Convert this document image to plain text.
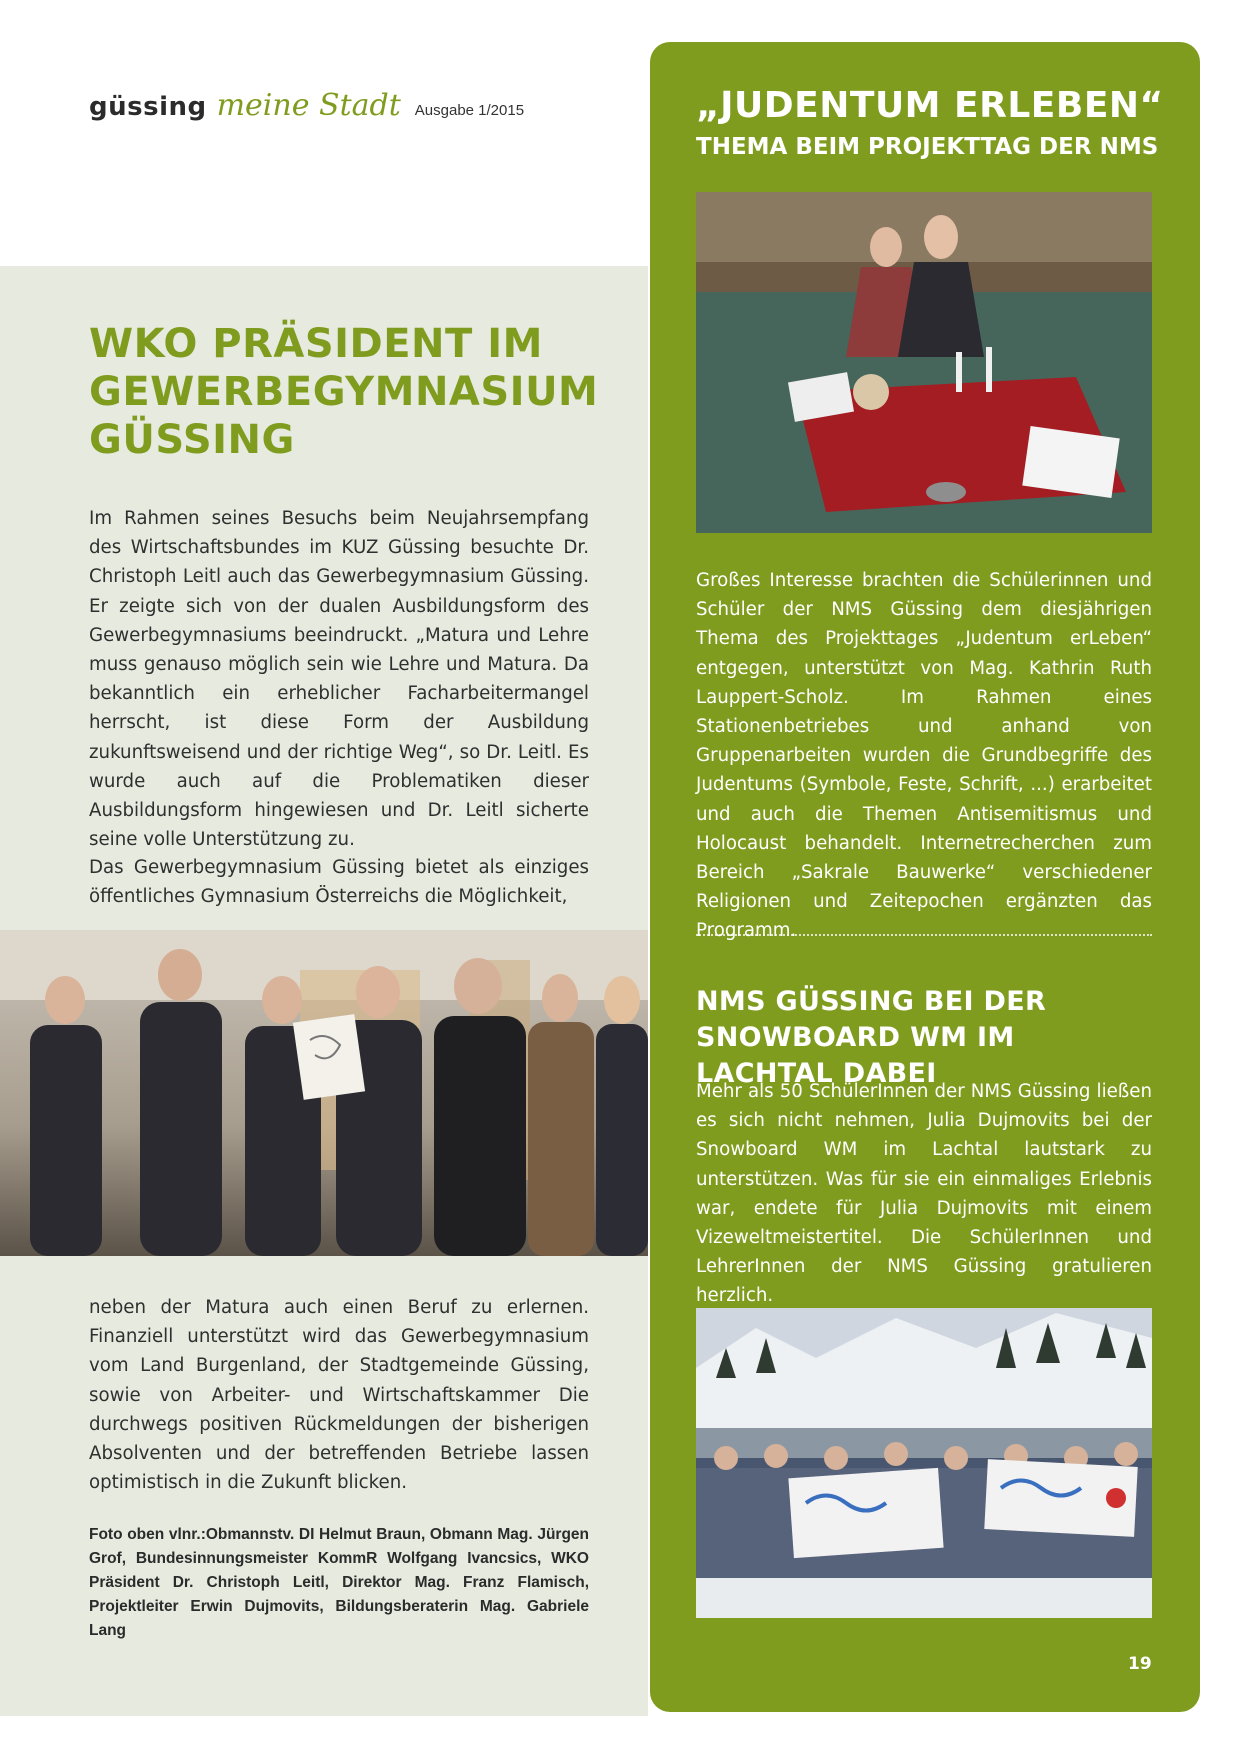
güssing meine Stadt Ausgabe 1/2015
WKO PRÄSIDENT IM GEWERBEGYMNASIUM GÜSSING

Im Rahmen seines Besuchs beim Neujahrsempfang des Wirtschaftsbundes im KUZ Güssing besuchte Dr. Christoph Leitl auch das Gewerbegymnasium Güssing. Er zeigte sich von der dualen Ausbildungsform des Gewerbegymnasiums beeindruckt. „Matura und Lehre muss genauso möglich sein wie Lehre und Matura. Da bekanntlich ein erheblicher Facharbeitermangel herrscht, ist diese Form der Ausbildung zukunftsweisend und der richtige Weg“, so Dr. Leitl. Es wurde auch auf die Problematiken dieser Ausbildungsform hingewiesen und Dr. Leitl sicherte seine volle Unterstützung zu.

Das Gewerbegymnasium Güssing bietet als einziges öffentliches Gymnasium Österreichs die Möglichkeit,

neben der Matura auch einen Beruf zu erlernen. Finanziell unterstützt wird das Gewerbegymnasium vom Land Burgenland, der Stadtgemeinde Güssing, sowie von Arbeiter- und Wirtschaftskammer Die durchwegs positiven Rückmeldungen der bisherigen Absolventen und der betreffenden Betriebe lassen optimistisch in die Zukunft blicken.

Foto oben vlnr.:Obmannstv. DI Helmut Braun, Obmann Mag. Jürgen Grof, Bundesinnungsmeister KommR Wolfgang Ivancsics, WKO Präsident Dr. Christoph Leitl, Direktor Mag. Franz Flamisch, Projektleiter Erwin Dujmovits, Bildungsberaterin Mag. Gabriele Lang

„JUDENTUM ERLEBEN“
THEMA BEIM PROJEKTTAG DER NMS

Großes Interesse brachten die Schülerinnen und Schüler der NMS Güssing dem diesjährigen Thema des Projekttages „Judentum erLeben“ entgegen, unterstützt von Mag. Kathrin Ruth Lauppert-Scholz. Im Rahmen eines Stationenbetriebes und anhand von Gruppenarbeiten wurden die Grundbegriffe des Judentums (Symbole, Feste, Schrift, ...) erarbeitet und auch die Themen Antisemitismus und Holocaust behandelt. Internetrecherchen zum Bereich „Sakrale Bauwerke“ verschiedener Religionen und Zeitepochen ergänzten das Programm.

NMS GÜSSING BEI DER SNOWBOARD WM IM LACHTAL DABEI

Mehr als 50 SchülerInnen der NMS Güssing ließen es sich nicht nehmen, Julia Dujmovits bei der Snowboard WM im Lachtal lautstark zu unterstützen. Was für sie ein einmaliges Erlebnis war, endete für Julia Dujmovits mit einem Vizeweltmeistertitel. Die SchülerInnen und LehrerInnen der NMS Güssing gratulieren herzlich.

19
